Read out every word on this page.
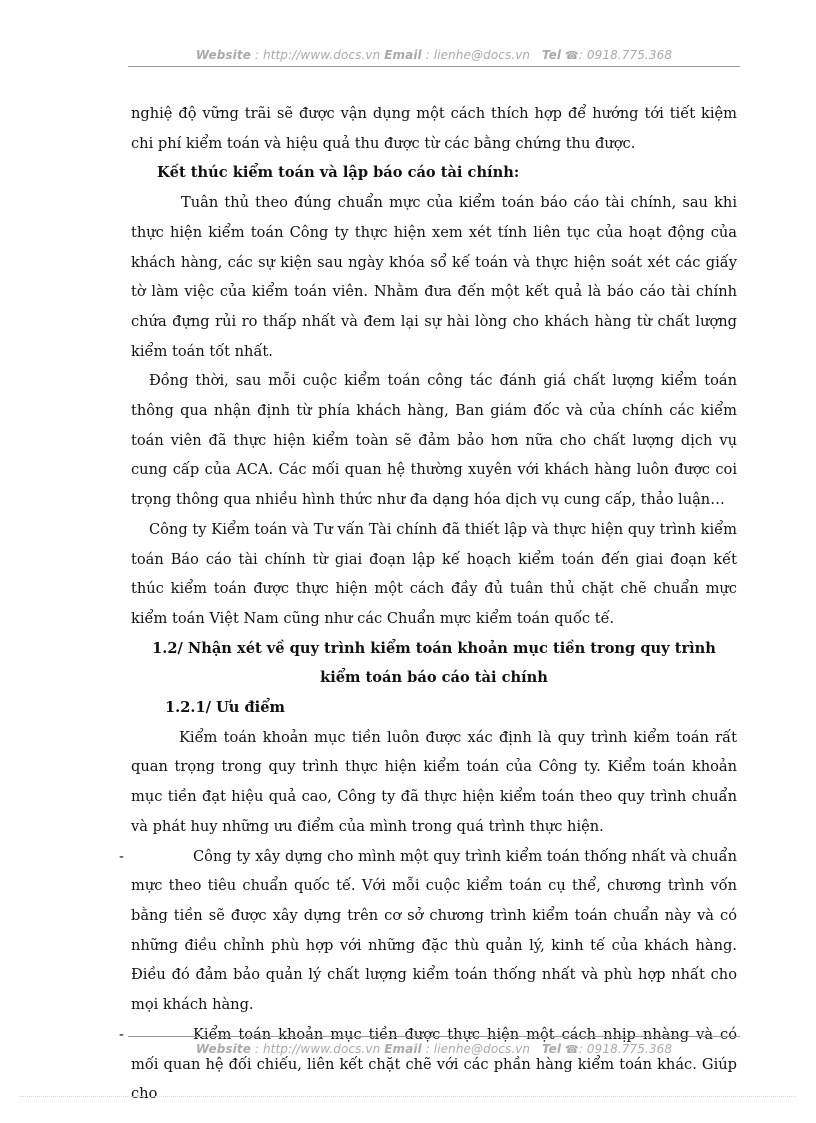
Website : http://www.docs.vn Email : lienhe@docs.vn Tel ☎: 0918.775.368

nghiệ độ vững trãi sẽ được vận dụng một cách thích hợp để hướng tới tiết kiệm chi phí kiểm toán và hiệu quả thu được từ các bằng chứng thu được.

Kết thúc kiểm toán và lập báo cáo tài chính:

Tuân thủ theo đúng chuẩn mực của kiểm toán báo cáo tài chính, sau khi thực hiện kiểm toán Công ty thực hiện xem xét tính liên tục của hoạt động của khách hàng, các sự kiện sau ngày khóa sổ kế toán và thực hiện soát xét các giấy tờ làm việc của kiểm toán viên. Nhằm đưa đến một kết quả là báo cáo tài chính chứa đựng rủi ro thấp nhất và đem lại sự hài lòng cho khách hàng từ chất lượng kiểm toán tốt nhất.

Đồng thời, sau mỗi cuộc kiểm toán công tác đánh giá chất lượng kiểm toán thông qua nhận định từ phía khách hàng, Ban giám đốc và của chính các kiểm toán viên đã thực hiện kiểm toàn sẽ đảm bảo hơn nữa cho chất lượng dịch vụ cung cấp của ACA. Các mối quan hệ thường xuyên với khách hàng luôn được coi trọng thông qua nhiều hình thức như đa dạng hóa dịch vụ cung cấp, thảo luận…

Công ty Kiểm toán và Tư vấn Tài chính đã thiết lập và thực hiện quy trình kiểm toán Báo cáo tài chính từ giai đoạn lập kế hoạch kiểm toán đến giai đoạn kết thúc kiểm toán được thực hiện một cách đầy đủ tuân thủ chặt chẽ chuẩn mực kiểm toán Việt Nam cũng như các Chuẩn mực kiểm toán quốc tế.

1.2/ Nhận xét về quy trình kiểm toán khoản mục tiền trong quy trình
kiểm toán báo cáo tài chính

1.2.1/ Ưu điểm

Kiểm toán khoản mục tiền luôn được xác định là quy trình kiểm toán rất quan trọng trong quy trình thực hiện kiểm toán của Công ty. Kiểm toán khoản mục tiền đạt hiệu quả cao, Công ty đã thực hiện kiểm toán theo quy trình chuẩn và phát huy những ưu điểm của mình trong quá trình thực hiện.

-	Công ty xây dựng cho mình một quy trình kiểm toán thống nhất và chuẩn mực theo tiêu chuẩn quốc tế. Với mỗi cuộc kiểm toán cụ thể, chương trình vốn bằng tiền sẽ được xây dựng trên cơ sở chương trình kiểm toán chuẩn này và có những điều chỉnh phù hợp với những đặc thù quản lý, kinh tế của khách hàng. Điều đó đảm bảo quản lý chất lượng kiểm toán thống nhất và phù hợp nhất cho mọi khách hàng.

-	Kiểm toán khoản mục tiền được thực hiện một cách nhịp nhàng và có mối quan hệ đối chiếu, liên kết chặt chẽ với các phần hàng kiểm toán khác. Giúp cho

Website : http://www.docs.vn Email : lienhe@docs.vn Tel ☎: 0918.775.368
